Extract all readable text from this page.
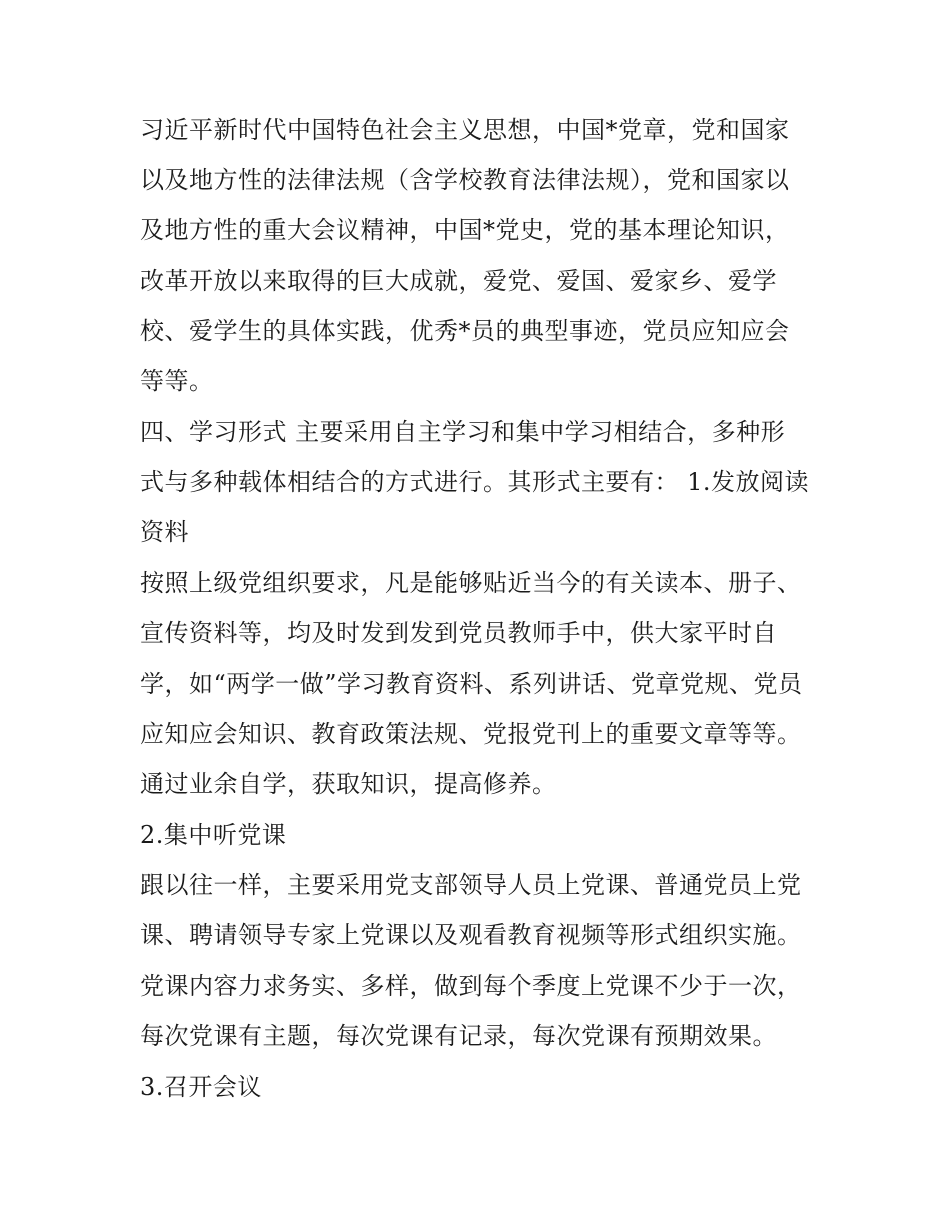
习近平新时代中国特色社会主义思想，中国*党章，党和国家
以及地方性的法律法规（含学校教育法律法规），党和国家以
及地方性的重大会议精神，中国*党史，党的基本理论知识，
改革开放以来取得的巨大成就，爱党、爱国、爱家乡、爱学
校、爱学生的具体实践，优秀*员的典型事迹，党员应知应会
等等。
四、学习形式 主要采用自主学习和集中学习相结合，多种形
式与多种载体相结合的方式进行。其形式主要有： 1.发放阅读
资料
按照上级党组织要求，凡是能够贴近当今的有关读本、册子、
宣传资料等，均及时发到发到党员教师手中，供大家平时自
学，如“两学一做”学习教育资料、系列讲话、党章党规、党员
应知应会知识、教育政策法规、党报党刊上的重要文章等等。
通过业余自学，获取知识，提高修养。
2.集中听党课
跟以往一样，主要采用党支部领导人员上党课、普通党员上党
课、聘请领导专家上党课以及观看教育视频等形式组织实施。
党课内容力求务实、多样，做到每个季度上党课不少于一次，
每次党课有主题，每次党课有记录，每次党课有预期效果。
3.召开会议
